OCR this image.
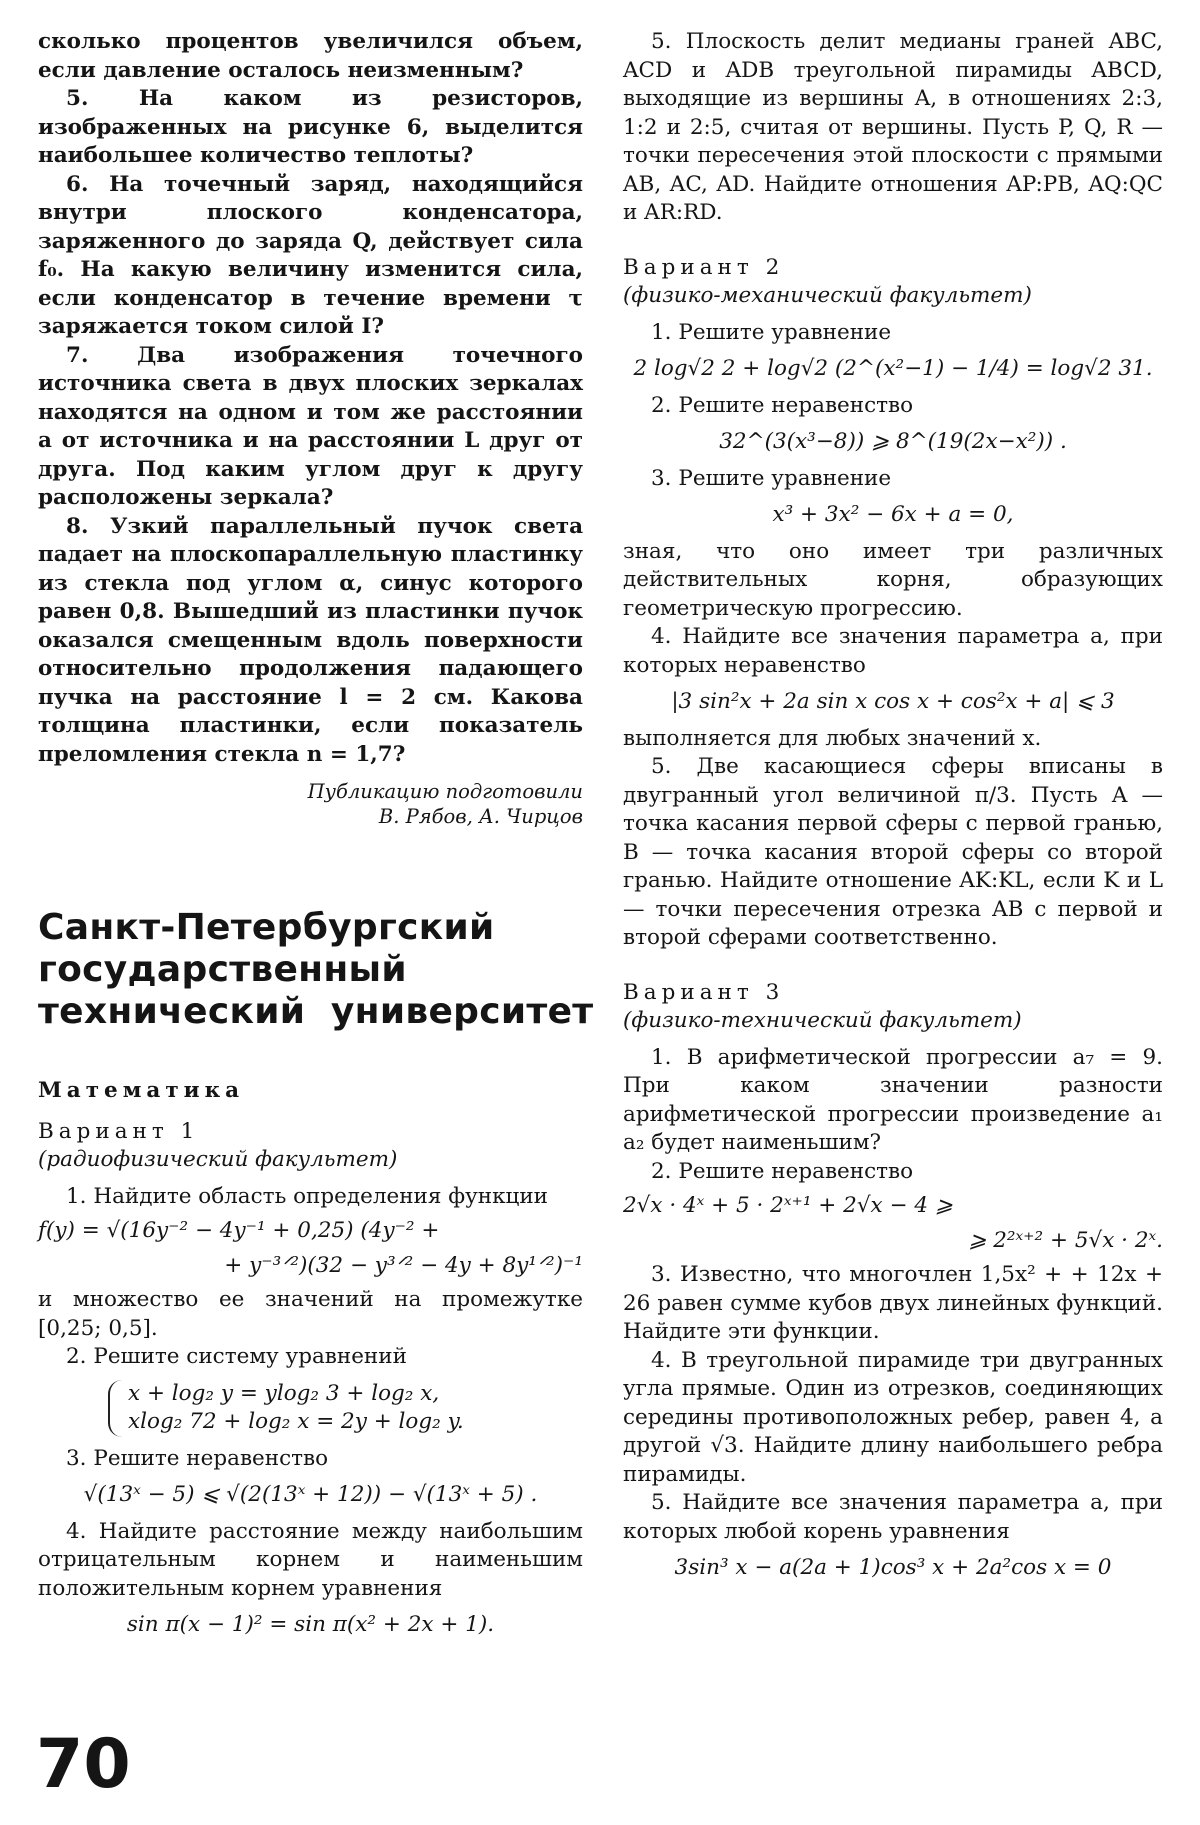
сколько процентов увеличился объем, если давление осталось неизменным?

5. На каком из резисторов, изображенных на рисунке 6, выделится наибольшее количество теплоты?

6. На точечный заряд, находящийся внутри плоского конденсатора, заряженного до заряда Q, действует сила f₀. На какую величину изменится сила, если конденсатор в течение времени τ заряжается током силой I?

7. Два изображения точечного источника света в двух плоских зеркалах находятся на одном и том же расстоянии a от источника и на расстоянии L друг от друга. Под каким углом друг к другу расположены зеркала?

8. Узкий параллельный пучок света падает на плоскопараллельную пластинку из стекла под углом α, синус которого равен 0,8. Вышедший из пластинки пучок оказался смещенным вдоль поверхности относительно продолжения падающего пучка на расстояние l = 2 см. Какова толщина пластинки, если показатель преломления стекла n = 1,7?

Публикацию подготовили
В. Рябов, А. Чирцов
Санкт-Петербургский
государственный
технический  университет
Математика
Вариант 1
(радиофизический факультет)

1. Найдите область определения функции

f(y) = √(16y⁻² − 4y⁻¹ + 0,25) (4y⁻² +
+ y⁻³ᐟ²)(32 − y³ᐟ² − 4y + 8y¹ᐟ²)⁻¹

и множество ее значений на промежутке [0,25; 0,5].

2. Решите систему уравнений

x + log₂ y = ylog₂ 3 + log₂ x,
xlog₂ 72 + log₂ x = 2y + log₂ y.

3. Решите неравенство

√(13ˣ − 5) ⩽ √(2(13ˣ + 12)) − √(13ˣ + 5) .

4. Найдите расстояние между наибольшим отрицательным корнем и наименьшим положительным корнем уравнения

sin π(x − 1)² = sin π(x² + 2x + 1).

5. Плоскость делит медианы граней ABC, ACD и ADB треугольной пирамиды ABCD, выходящие из вершины A, в отношениях 2:3, 1:2 и 2:5, считая от вершины. Пусть P, Q, R — точки пересечения этой плоскости с прямыми AB, AC, AD. Найдите отношения AP:PB, AQ:QC и AR:RD.

Вариант 2
(физико-механический факультет)

1. Решите уравнение

2 log√2 2 + log√2 (2^(x²−1) − 1/4) = log√2 31.

2. Решите неравенство

32^(3(x³−8)) ⩾ 8^(19(2x−x²)) .

3. Решите уравнение

x³ + 3x² − 6x + a = 0,

зная, что оно имеет три различных действительных корня, образующих геометрическую прогрессию.

4. Найдите все значения параметра a, при которых неравенство

|3 sin²x + 2a sin x cos x + cos²x + a| ⩽ 3

выполняется для любых значений x.

5. Две касающиеся сферы вписаны в двугранный угол величиной π/3. Пусть A — точка касания первой сферы с первой гранью, B — точка касания второй сферы со второй гранью. Найдите отношение AK:KL, если K и L — точки пересечения отрезка AB с первой и второй сферами соответственно.

Вариант 3
(физико-технический факультет)

1. В арифметической прогрессии a₇ = 9. При каком значении разности арифметической прогрессии произведение a₁ a₂ будет наименьшим?

2. Решите неравенство

2√x · 4ˣ + 5 · 2ˣ⁺¹ + 2√x − 4 ⩾
⩾ 2²ˣ⁺² + 5√x · 2ˣ.

3. Известно, что многочлен 1,5x² + + 12x + 26 равен сумме кубов двух линейных функций. Найдите эти функции.

4. В треугольной пирамиде три двугранных угла прямые. Один из отрезков, соединяющих середины противоположных ребер, равен 4, а другой √3. Найдите длину наибольшего ребра пирамиды.

5. Найдите все значения параметра a, при которых любой корень уравнения

3sin³ x − a(2a + 1)cos³ x + 2a²cos x = 0
70
